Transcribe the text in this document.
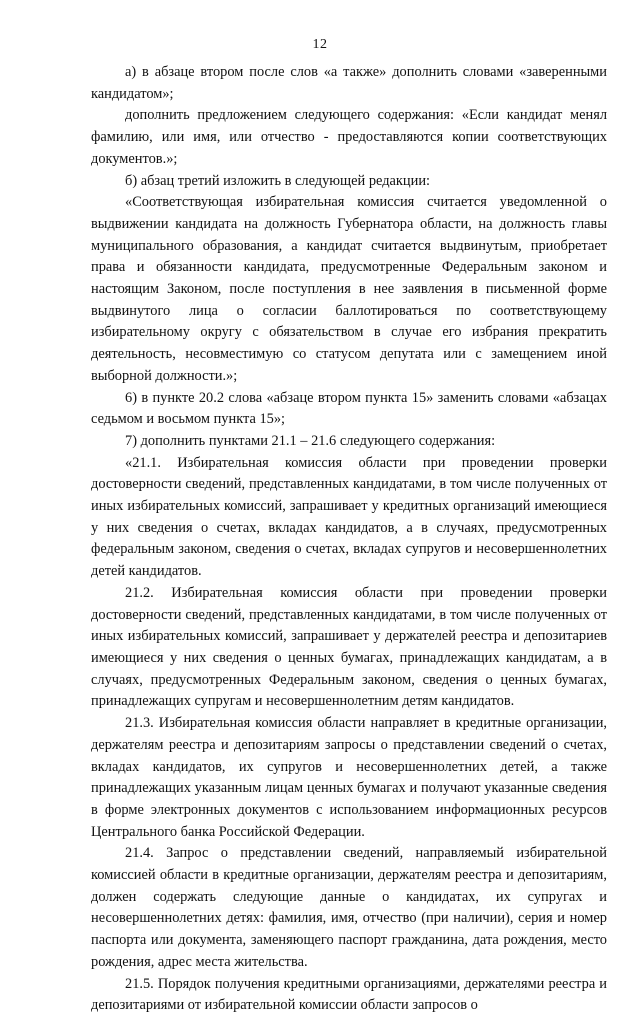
12

а) в абзаце втором после слов «а также» дополнить словами «заверенными кандидатом»;

дополнить предложением следующего содержания: «Если кандидат менял фамилию, или имя, или отчество - предоставляются копии соответствующих документов.»;

б) абзац третий изложить в следующей редакции:

«Соответствующая избирательная комиссия считается уведомленной о выдвижении кандидата на должность Губернатора области, на должность главы муниципального образования, а кандидат считается выдвинутым, приобретает права и обязанности кандидата, предусмотренные Федеральным законом и настоящим Законом, после поступления в нее заявления в письменной форме выдвинутого лица о согласии баллотироваться по соответствующему избирательному округу с обязательством в случае его избрания прекратить деятельность, несовместимую со статусом депутата или с замещением иной выборной должности.»;

6) в пункте 20.2 слова «абзаце втором пункта 15» заменить словами «абзацах седьмом и восьмом пункта 15»;

7) дополнить пунктами 21.1 – 21.6 следующего содержания:

«21.1. Избирательная комиссия области при проведении проверки достоверности сведений, представленных кандидатами, в том числе полученных от иных избирательных комиссий, запрашивает у кредитных организаций имеющиеся у них сведения о счетах, вкладах кандидатов, а в случаях, предусмотренных федеральным законом, сведения о счетах, вкладах супругов и несовершеннолетних детей кандидатов.

21.2. Избирательная комиссия области при проведении проверки достоверности сведений, представленных кандидатами, в том числе полученных от иных избирательных комиссий, запрашивает у держателей реестра и депозитариев имеющиеся у них сведения о ценных бумагах, принадлежащих кандидатам, а в случаях, предусмотренных Федеральным законом, сведения о ценных бумагах, принадлежащих супругам и несовершеннолетним детям кандидатов.

21.3. Избирательная комиссия области направляет в кредитные организации, держателям реестра и депозитариям запросы о представлении сведений о счетах, вкладах кандидатов, их супругов и несовершеннолетних детей, а также принадлежащих указанным лицам ценных бумагах и получают указанные сведения в форме электронных документов с использованием информационных ресурсов Центрального банка Российской Федерации.

21.4. Запрос о представлении сведений, направляемый избирательной комиссией области в кредитные организации, держателям реестра и депозитариям, должен содержать следующие данные о кандидатах, их супругах и несовершеннолетних детях: фамилия, имя, отчество (при наличии), серия и номер паспорта или документа, заменяющего паспорт гражданина, дата рождения, место рождения, адрес места жительства.

21.5. Порядок получения кредитными организациями, держателями реестра и депозитариями от избирательной комиссии области запросов о
